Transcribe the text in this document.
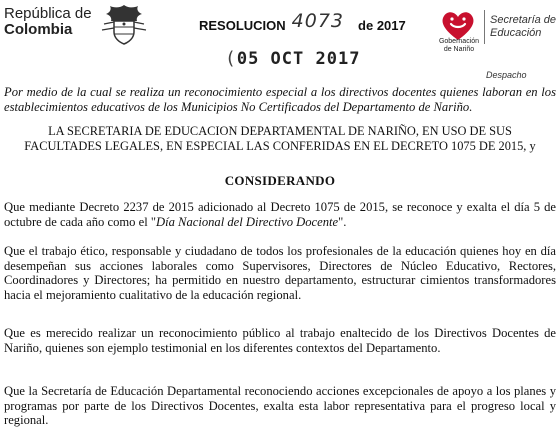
República de
Colombia	RESOLUCION 4073 de 2017
Gobernación
de Nariño
Secretaría de
Educación
(05 OCT 2017
Despacho
Por medio de la cual se realiza un reconocimiento especial a los directivos docentes quienes laboran en los establecimientos educativos de los Municipios No Certificados del Departamento de Nariño.
LA SECRETARIA DE EDUCACION DEPARTAMENTAL DE NARIÑO, EN USO DE SUS
FACULTADES LEGALES, EN ESPECIAL LAS CONFERIDAS EN EL DECRETO 1075 DE 2015, y
CONSIDERANDO
Que mediante Decreto 2237 de 2015 adicionado al Decreto 1075 de 2015, se reconoce y exalta el día 5 de octubre de cada año como el "Día Nacional del Directivo Docente".
Que el trabajo ético, responsable y ciudadano de todos los profesionales de la educación quienes hoy en día desempeñan sus acciones laborales como Supervisores, Directores de Núcleo Educativo, Rectores, Coordinadores y Directores; ha permitido en nuestro departamento, estructurar cimientos transformadores hacia el mejoramiento cualitativo de la educación regional.
Que es merecido realizar un reconocimiento público al trabajo enaltecido de los Directivos Docentes de Nariño, quienes son ejemplo testimonial en los diferentes contextos del Departamento.
Que la Secretaría de Educación Departamental reconociendo acciones excepcionales de apoyo a los planes y programas por parte de los Directivos Docentes, exalta esta labor representativa para el progreso local y regional.
